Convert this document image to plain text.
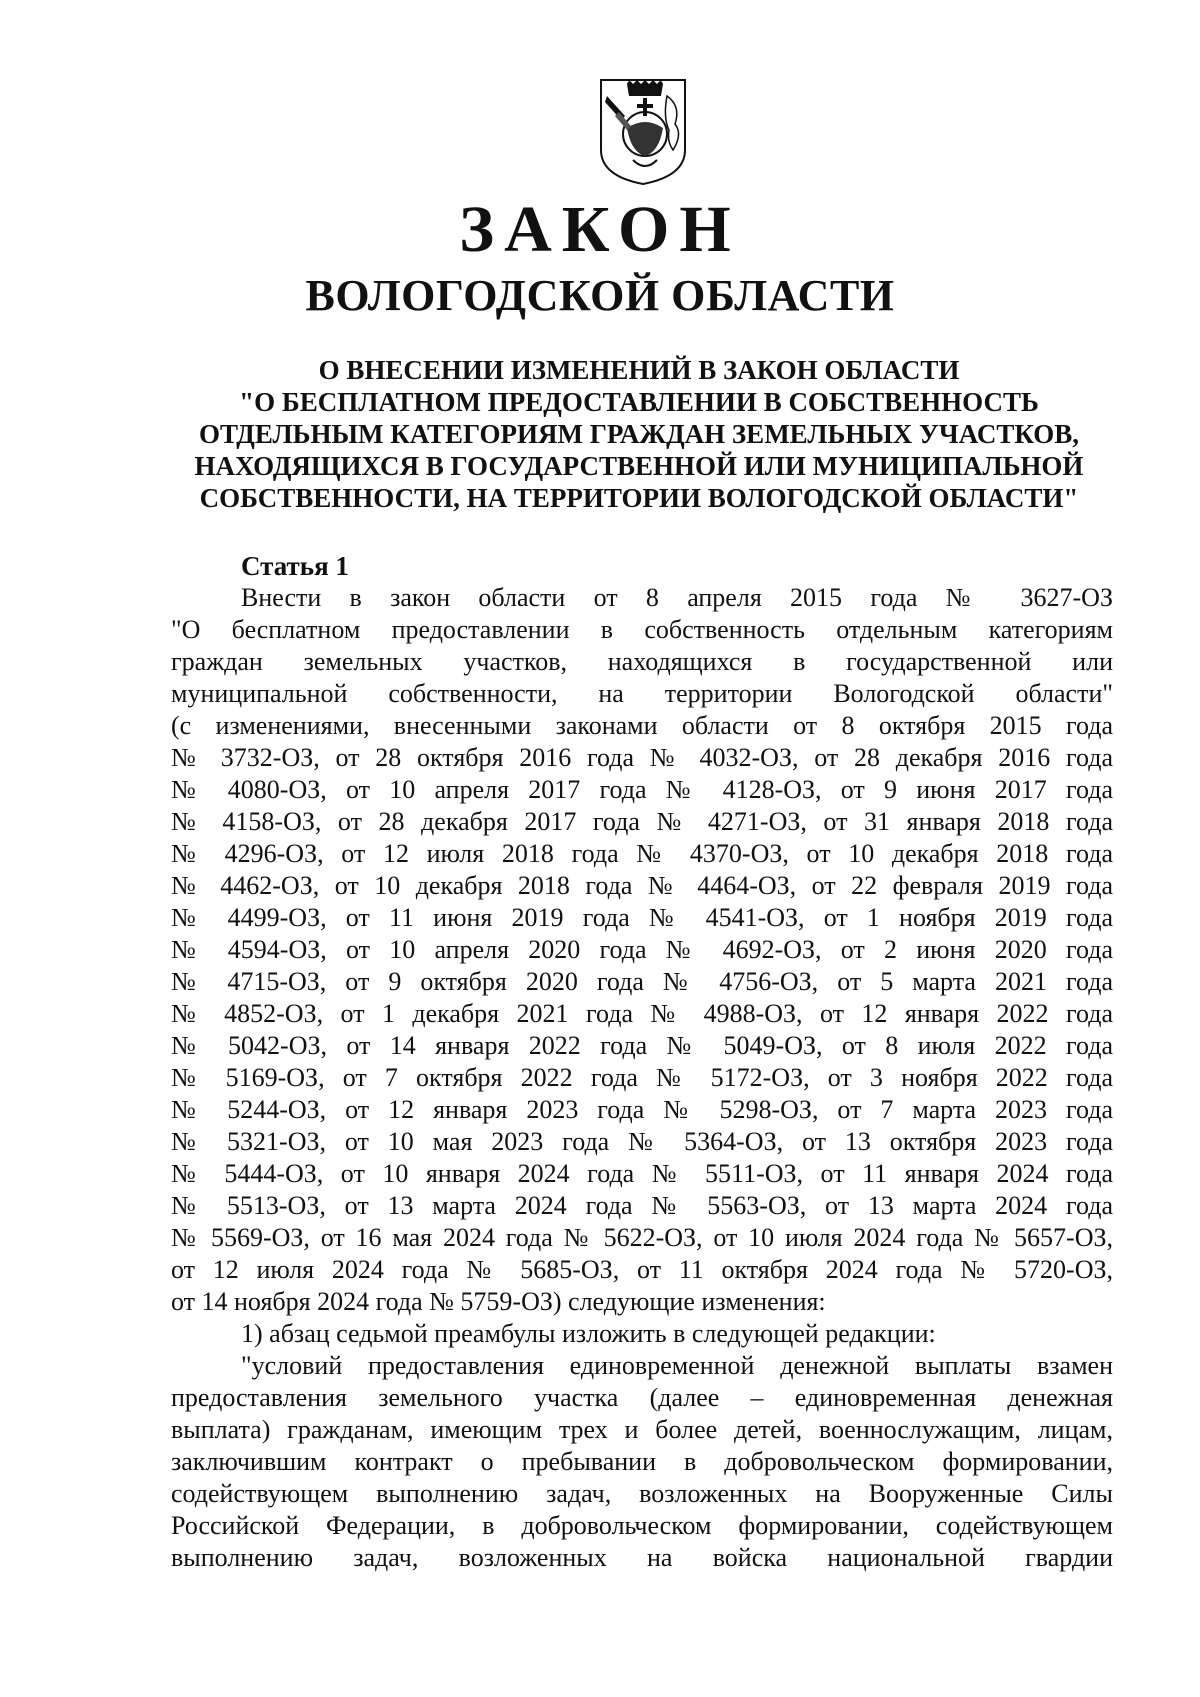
ЗАКОН
ВОЛОГОДСКОЙ ОБЛАСТИ
О ВНЕСЕНИИ ИЗМЕНЕНИЙ В ЗАКОН ОБЛАСТИ
"О БЕСПЛАТНОМ ПРЕДОСТАВЛЕНИИ В СОБСТВЕННОСТЬ
ОТДЕЛЬНЫМ КАТЕГОРИЯМ ГРАЖДАН ЗЕМЕЛЬНЫХ УЧАСТКОВ,
НАХОДЯЩИХСЯ В ГОСУДАРСТВЕННОЙ ИЛИ МУНИЦИПАЛЬНОЙ
СОБСТВЕННОСТИ, НА ТЕРРИТОРИИ ВОЛОГОДСКОЙ ОБЛАСТИ"
Статья 1
Внести в закон области от 8 апреля 2015 года № 3627-ОЗ
"О бесплатном предоставлении в собственность отдельным категориям
граждан земельных участков, находящихся в государственной или
муниципальной собственности, на территории Вологодской области"
(с изменениями, внесенными законами области от 8 октября 2015 года
№ 3732-ОЗ, от 28 октября 2016 года № 4032-ОЗ, от 28 декабря 2016 года
№ 4080-ОЗ, от 10 апреля 2017 года № 4128-ОЗ, от 9 июня 2017 года
№ 4158-ОЗ, от 28 декабря 2017 года № 4271-ОЗ, от 31 января 2018 года
№ 4296-ОЗ, от 12 июля 2018 года № 4370-ОЗ, от 10 декабря 2018 года
№ 4462-ОЗ, от 10 декабря 2018 года № 4464-ОЗ, от 22 февраля 2019 года
№ 4499-ОЗ, от 11 июня 2019 года № 4541-ОЗ, от 1 ноября 2019 года
№ 4594-ОЗ, от 10 апреля 2020 года № 4692-ОЗ, от 2 июня 2020 года
№ 4715-ОЗ, от 9 октября 2020 года № 4756-ОЗ, от 5 марта 2021 года
№ 4852-ОЗ, от 1 декабря 2021 года № 4988-ОЗ, от 12 января 2022 года
№ 5042-ОЗ, от 14 января 2022 года № 5049-ОЗ, от 8 июля 2022 года
№ 5169-ОЗ, от 7 октября 2022 года № 5172-ОЗ, от 3 ноября 2022 года
№ 5244-ОЗ, от 12 января 2023 года № 5298-ОЗ, от 7 марта 2023 года
№ 5321-ОЗ, от 10 мая 2023 года № 5364-ОЗ, от 13 октября 2023 года
№ 5444-ОЗ, от 10 января 2024 года № 5511-ОЗ, от 11 января 2024 года
№ 5513-ОЗ, от 13 марта 2024 года № 5563-ОЗ, от 13 марта 2024 года
№ 5569-ОЗ, от 16 мая 2024 года № 5622-ОЗ, от 10 июля 2024 года № 5657-ОЗ,
от 12 июля 2024 года № 5685-ОЗ, от 11 октября 2024 года № 5720-ОЗ,
от 14 ноября 2024 года № 5759-ОЗ) следующие изменения:
1) абзац седьмой преамбулы изложить в следующей редакции:
"условий предоставления единовременной денежной выплаты взамен
предоставления земельного участка (далее – единовременная денежная
выплата) гражданам, имеющим трех и более детей, военнослужащим, лицам,
заключившим контракт о пребывании в добровольческом формировании,
содействующем выполнению задач, возложенных на Вооруженные Силы
Российской Федерации, в добровольческом формировании, содействующем
выполнению задач, возложенных на войска национальной гвардии
